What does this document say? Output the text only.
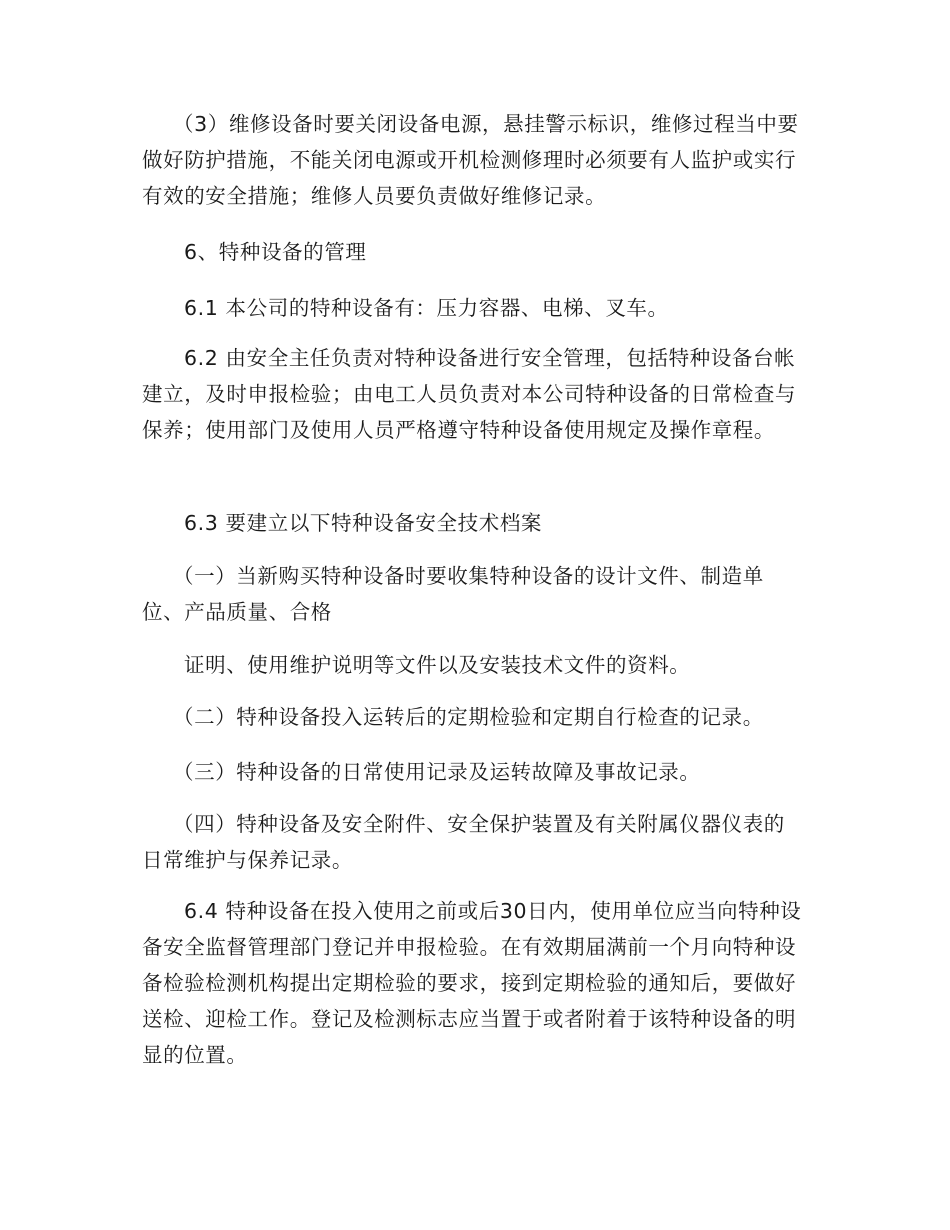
（3）维修设备时要关闭设备电源，悬挂警示标识，维修过程当中要做好防护措施，不能关闭电源或开机检测修理时必须要有人监护或实行有效的安全措施；维修人员要负责做好维修记录。

6、特种设备的管理

6.1 本公司的特种设备有：压力容器、电梯、叉车。

6.2 由安全主任负责对特种设备进行安全管理，包括特种设备台帐建立，及时申报检验；由电工人员负责对本公司特种设备的日常检查与保养；使用部门及使用人员严格遵守特种设备使用规定及操作章程。

6.3 要建立以下特种设备安全技术档案

（一）当新购买特种设备时要收集特种设备的设计文件、制造单位、产品质量、合格

证明、使用维护说明等文件以及安装技术文件的资料。

（二）特种设备投入运转后的定期检验和定期自行检查的记录。

（三）特种设备的日常使用记录及运转故障及事故记录。

（四）特种设备及安全附件、安全保护装置及有关附属仪器仪表的日常维护与保养记录。

6.4 特种设备在投入使用之前或后30日内，使用单位应当向特种设备安全监督管理部门登记并申报检验。在有效期届满前一个月向特种设备检验检测机构提出定期检验的要求，接到定期检验的通知后，要做好送检、迎检工作。登记及检测标志应当置于或者附着于该特种设备的明显的位置。
